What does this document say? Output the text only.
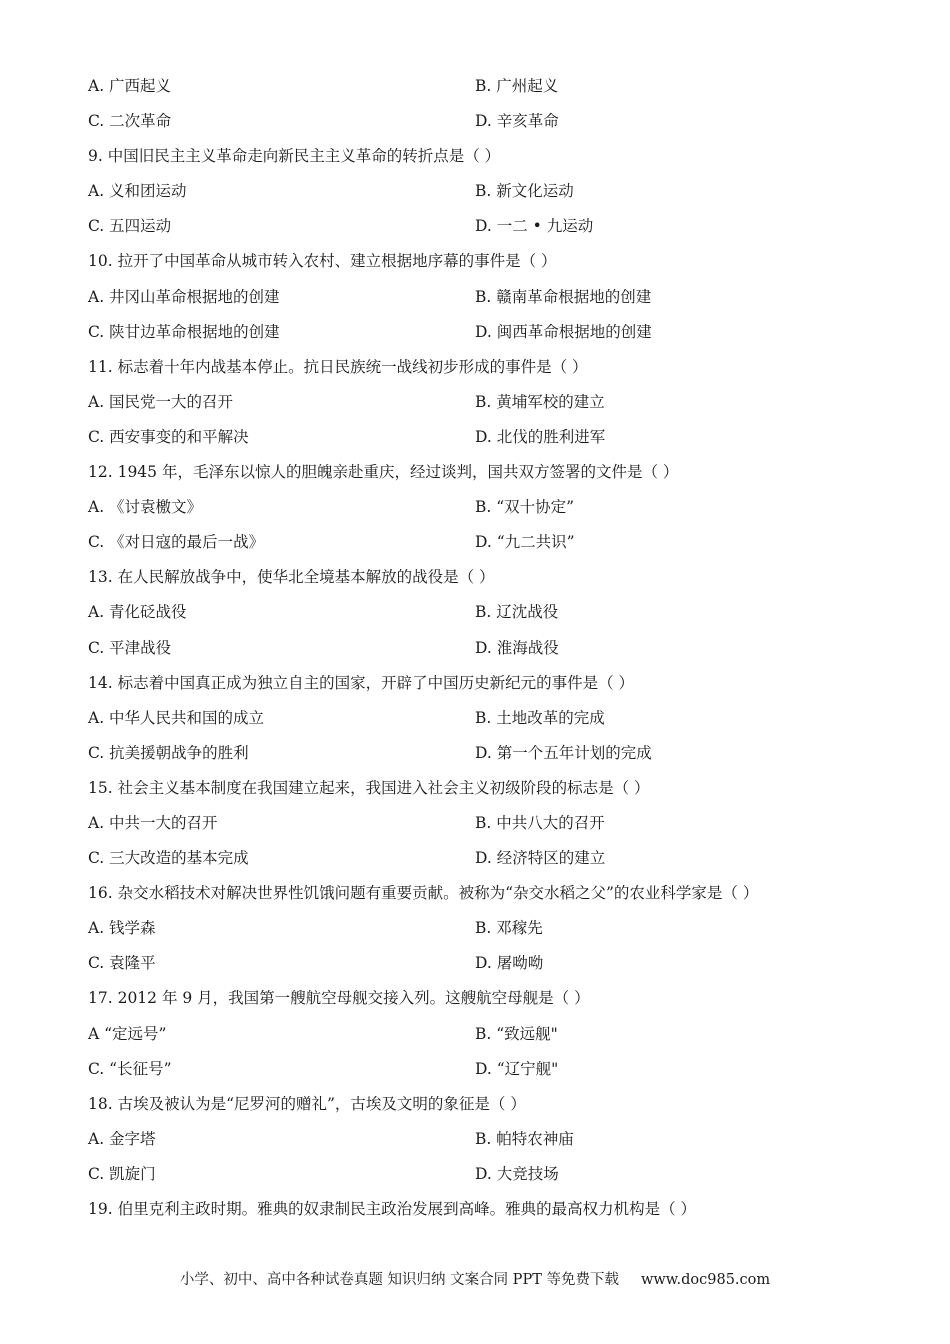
A. 广西起义	B. 广州起义
C. 二次革命	D. 辛亥革命
9. 中国旧民主主义革命走向新民主主义革命的转折点是（ ）
A. 义和团运动	B. 新文化运动
C. 五四运动	D. 一二 • 九运动
10. 拉开了中国革命从城市转入农村、建立根据地序幕的事件是（ ）
A. 井冈山革命根据地的创建	B. 赣南革命根据地的创建
C. 陕甘边革命根据地的创建	D. 闽西革命根据地的创建
11. 标志着十年内战基本停止。抗日民族统一战线初步形成的事件是（ ）
A. 国民党一大的召开	B. 黄埔军校的建立
C. 西安事变的和平解决	D. 北伐的胜利进军
12. 1945 年，毛泽东以惊人的胆魄亲赴重庆，经过谈判，国共双方签署的文件是（ ）
A. 《讨袁檄文》	B. “双十协定”
C. 《对日寇的最后一战》	D. “九二共识”
13. 在人民解放战争中，使华北全境基本解放的战役是（ ）
A. 青化砭战役	B. 辽沈战役
C. 平津战役	D. 淮海战役
14. 标志着中国真正成为独立自主的国家，开辟了中国历史新纪元的事件是（ ）
A. 中华人民共和国的成立	B. 土地改革的完成
C. 抗美援朝战争的胜利	D. 第一个五年计划的完成
15. 社会主义基本制度在我国建立起来，我国进入社会主义初级阶段的标志是（ ）
A. 中共一大的召开	B. 中共八大的召开
C. 三大改造的基本完成	D. 经济特区的建立
16. 杂交水稻技术对解决世界性饥饿问题有重要贡献。被称为“杂交水稻之父”的农业科学家是（ ）
A. 钱学森	B. 邓稼先
C. 袁隆平	D. 屠呦呦
17. 2012 年 9 月，我国第一艘航空母舰交接入列。这艘航空母舰是（ ）
A “定远号”	B. “致远舰"
C. “长征号”	D. “辽宁舰"
18. 古埃及被认为是“尼罗河的赠礼”，古埃及文明的象征是（ ）
A. 金字塔	B. 帕特农神庙
C. 凯旋门	D. 大竞技场
19. 伯里克利主政时期。雅典的奴隶制民主政治发展到高峰。雅典的最高权力机构是（ ）
小学、初中、高中各种试卷真题 知识归纳 文案合同 PPT 等免费下载 www.doc985.com
